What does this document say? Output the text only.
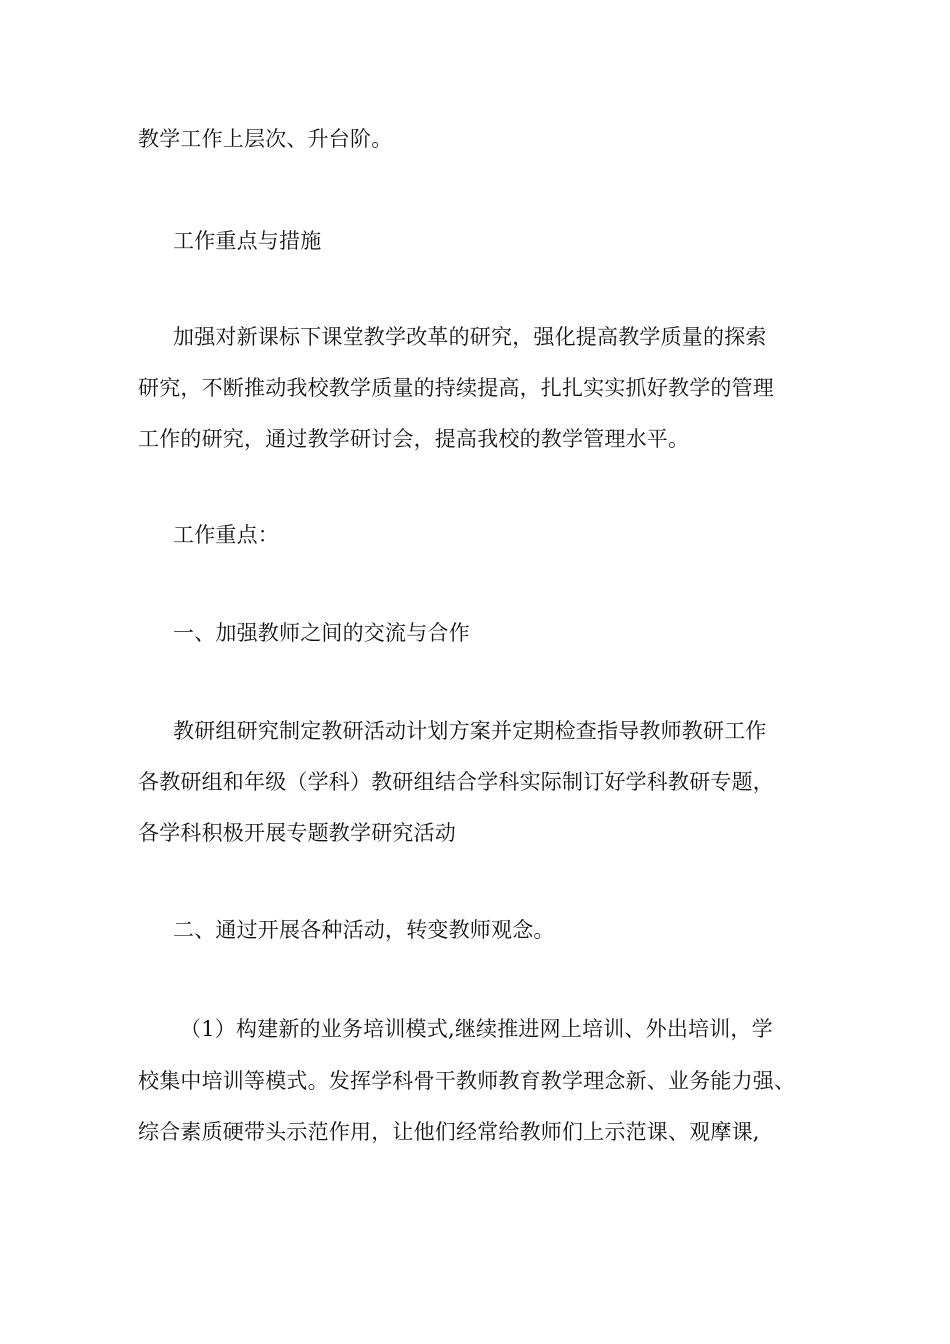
教学工作上层次、升台阶。
工作重点与措施
加强对新课标下课堂教学改革的研究，强化提高教学质量的探索
研究，不断推动我校教学质量的持续提高，扎扎实实抓好教学的管理
工作的研究，通过教学研讨会，提高我校的教学管理水平。
工作重点：
一、加强教师之间的交流与合作
教研组研究制定教研活动计划方案并定期检查指导教师教研工作
各教研组和年级（学科）教研组结合学科实际制订好学科教研专题，
各学科积极开展专题教学研究活动
二、通过开展各种活动，转变教师观念。
（1）构建新的业务培训模式,继续推进网上培训、外出培训，学
校集中培训等模式。发挥学科骨干教师教育教学理念新、业务能力强、
综合素质硬带头示范作用，让他们经常给教师们上示范课、观摩课,
